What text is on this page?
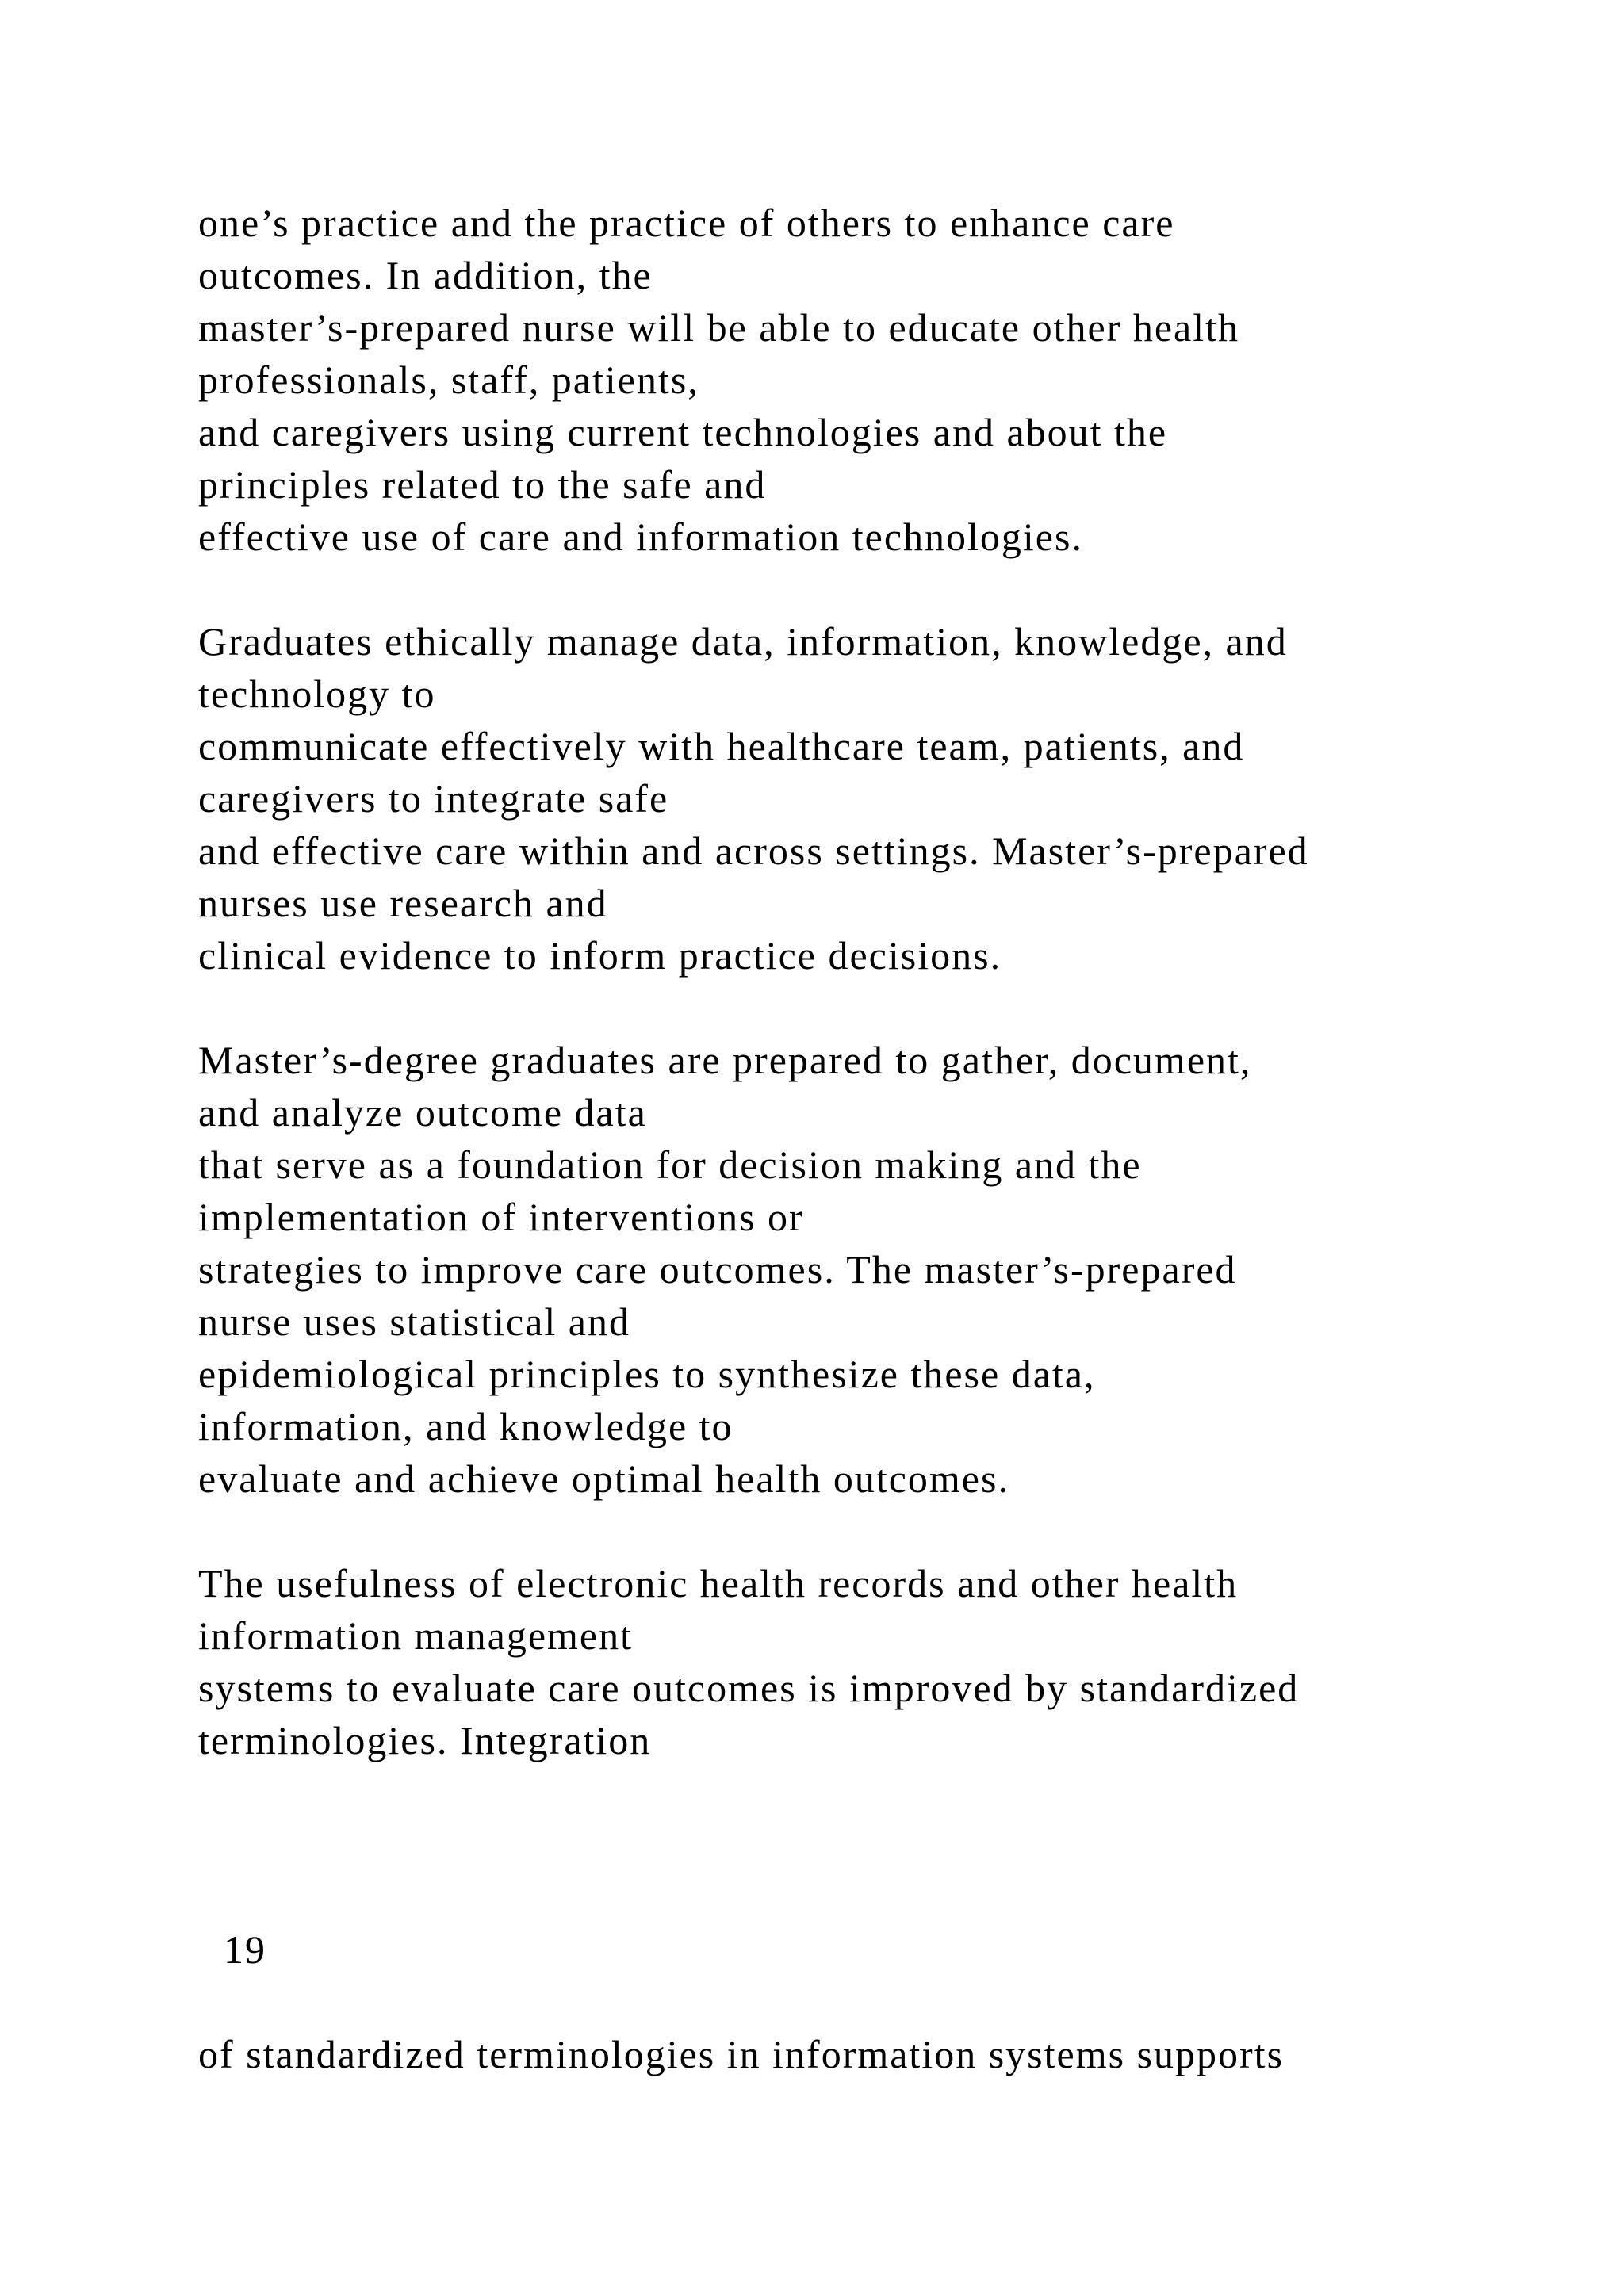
one’s practice and the practice of others to enhance care
outcomes. In addition, the
master’s-prepared nurse will be able to educate other health
professionals, staff, patients,
and caregivers using current technologies and about the
principles related to the safe and
effective use of care and information technologies.
Graduates ethically manage data, information, knowledge, and
technology to
communicate effectively with healthcare team, patients, and
caregivers to integrate safe
and effective care within and across settings. Master’s-prepared
nurses use research and
clinical evidence to inform practice decisions.
Master’s-degree graduates are prepared to gather, document,
and analyze outcome data
that serve as a foundation for decision making and the
implementation of interventions or
strategies to improve care outcomes. The master’s-prepared
nurse uses statistical and
epidemiological principles to synthesize these data,
information, and knowledge to
evaluate and achieve optimal health outcomes.
The usefulness of electronic health records and other health
information management
systems to evaluate care outcomes is improved by standardized
terminologies. Integration
19
of standardized terminologies in information systems supports
